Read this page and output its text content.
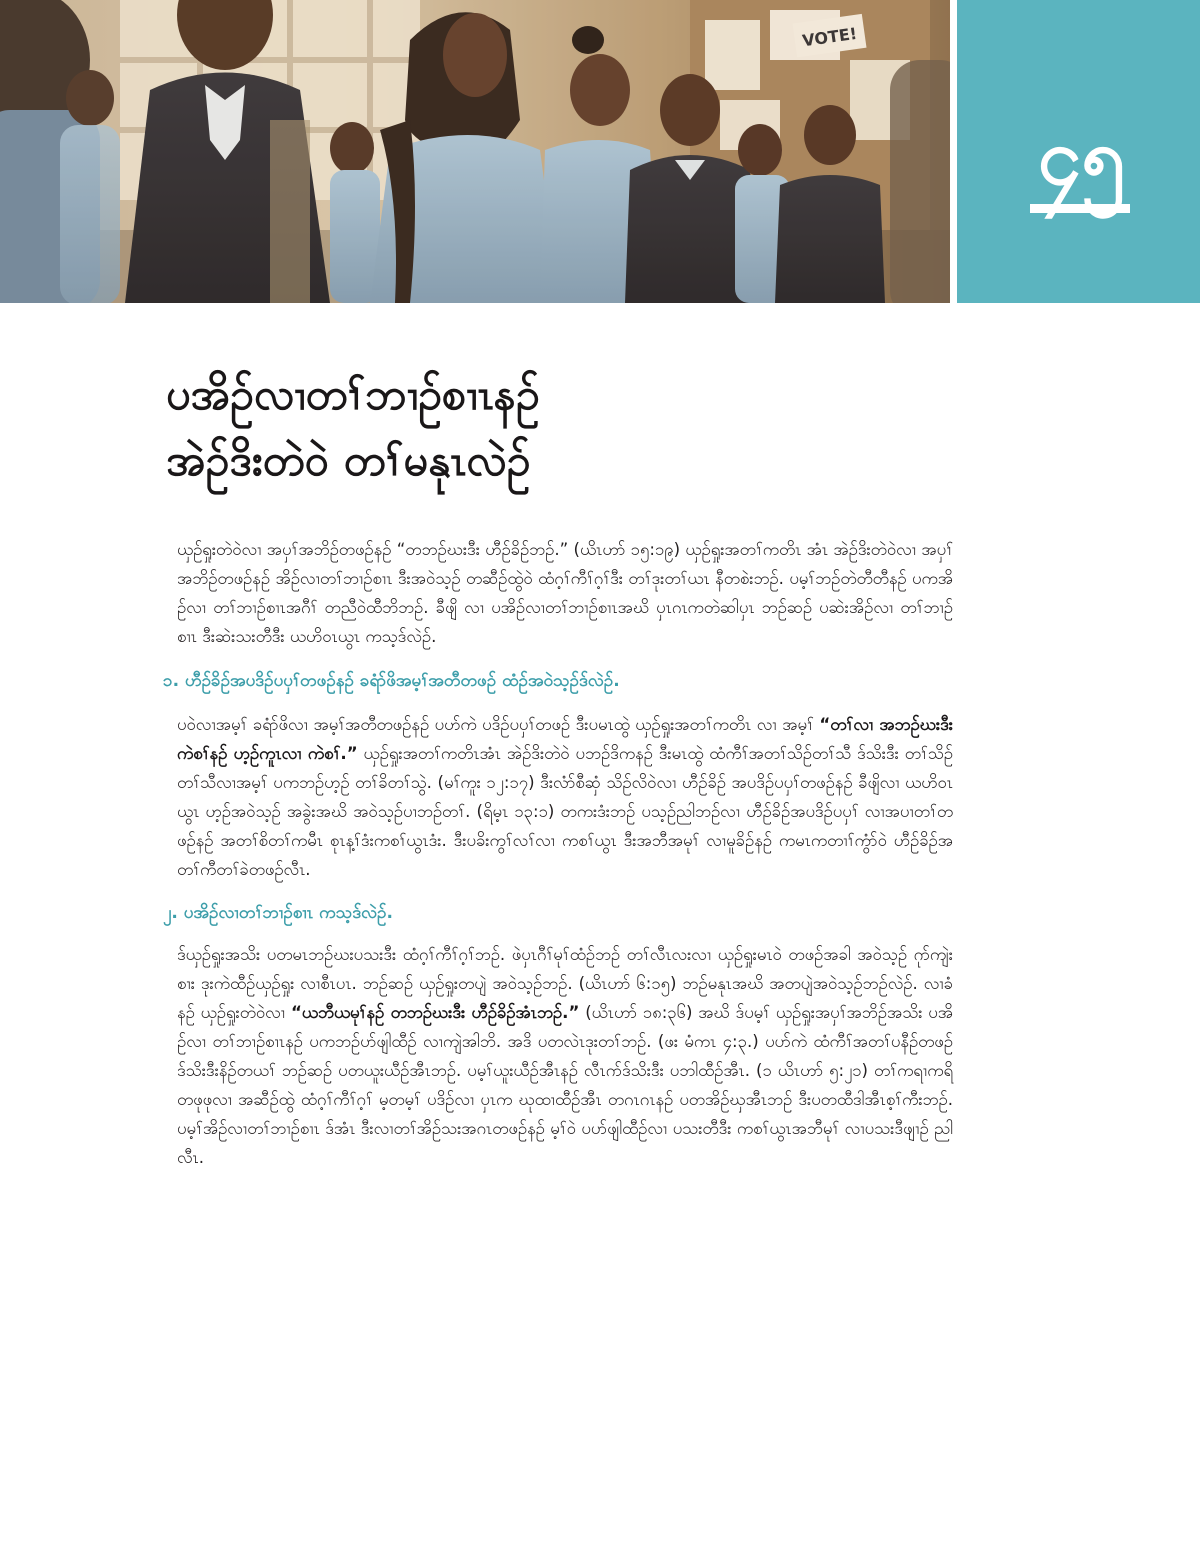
VOTE!
၄၅
ပအိဉ်လၢတၢ်ဘၢဉ်စၢၤနဉ်
အဲဉ်ဒိးတဲဝဲ တၢ်မနုၤလဲဉ်

ယှဉ်ရှုးတဲဝဲလၢ အပှၢ်အဘိဉ်တဖဉ်နဉ် “တဘဉ်ဃးဒီး ဟီဉ်ခိဉ်ဘဉ်.” (ယိၤဟာ် ၁၅:၁၉) ယှဉ်ရှုးအတၢ်ကတိၤ အံၤ အဲဉ်ဒိးတဲဝဲလၢ အပှၢ်အဘိဉ်တဖဉ်နဉ် အိဉ်လၢတၢ်ဘၢဉ်စၢၤ ဒီးအဝဲသ့ဉ် တဆီဉ်ထွဲဝဲ ထံဂ့ၢ်ကီၢ်ဂ့ၢ်ဒီး တၢ်ဒုးတၢ်ယၤ နီတစဲးဘဉ်. ပမ့ၢ်ဘဉ်တဲတီတီနဉ် ပကအိဉ်လၢ တၢ်ဘၢဉ်စၢၤအဂီၢ် တညီဝဲထီဘိဘဉ်. ခီဖျိ လၢ ပအိဉ်လၢတၢ်ဘၢဉ်စၢၤအဃိ ပှၤဂၤကတဲဆါပှၤ ဘဉ်ဆဉ် ပဆဲးအိဉ်လၢ တၢ်ဘၢဉ်စၢၤ ဒီးဆဲးသးတီဒီး ယဟိဝၤယွၤ ကသ့ဒ်လဲဉ်.

၁. ဟီဉ်ခိဉ်အပဒိဉ်ပပှၢ်တဖဉ်နဉ် ခရံာ်ဖိအမ့ၢ်အတီတဖဉ် ထံဉ်အဝဲသ့ဉ်ဒ်လဲဉ်.

ပဝဲလၢအမ့ၢ် ခရံာ်ဖိလၢ အမ့ၢ်အတီတဖဉ်နဉ် ပဟ်ကဲ ပဒိဉ်ပပှၢ်တဖဉ် ဒီးပမၤထွဲ ယှဉ်ရှုးအတၢ်ကတိၤ လၢ အမ့ၢ် “တၢ်လၢ အဘဉ်ဃးဒီး ကဲစၢ်နဉ် ဟ့ဉ်ကူၤလၢ ကဲစၢ်.” ယှဉ်ရှုးအတၢ်ကတိၤအံၤ အဲဉ်ဒိးတဲဝဲ ပဘဉ်ဒိကနဉ် ဒီးမၤထွဲ ထံကီၢ်အတၢ်သိဉ်တၢ်သီ ဒ်သိးဒီး တၢ်သိဉ်တၢ်သီလၢအမ့ၢ် ပကဘဉ်ဟ့ဉ် တၢ်ခိတၢ်သွဲ. (မၢ်ကူး ၁၂:၁၇) ဒီးလံာ်စီဆှံ သိဉ်လိဝဲလၢ ဟီဉ်ခိဉ် အပဒိဉ်ပပှၢ်တဖဉ်နဉ် ခီဖျိလၢ ယဟိဝၤယွၤ ဟ့ဉ်အဝဲသ့ဉ် အခွဲးအဃိ အဝဲသ့ဉ်ပၢဘဉ်တၢ်. (ရိမ့ၤ ၁၃:၁) တကးဒံးဘဉ် ပသ့ဉ်ညါဘဉ်လၢ ဟီဉ်ခိဉ်အပဒိဉ်ပပှၢ် လၢအပၢတၢ်တဖဉ်နဉ် အတၢ်စိတၢ်ကမီၤ စုၤန့ၢ်ဒံးကစၢ်ယွၤဒံး. ဒီးပခိးကွၢ်လၢ်လၢ ကစၢ်ယွၤ ဒီးအဘီအမုၢ် လၢမူခိဉ်နဉ် ကမၤကတၢၢ်ကွံာ်ဝဲ ဟီဉ်ခိဉ်အတၢ်ကီတၢ်ခဲတဖဉ်လီၤ.

၂. ပအိဉ်လၢတၢ်ဘၢဉ်စၢၤ ကသ့ဒ်လဲဉ်.

ဒ်ယှဉ်ရှုးအသိး ပတမၤဘဉ်ဃးပသးဒီး ထံဂ့ၢ်ကီၢ်ဂ့ၢ်ဘဉ်. ဖဲပှၤဂီၢ်မုၢ်ထံဉ်ဘဉ် တၢ်လီၤလးလၢ ယှဉ်ရှုးမၤဝဲ တဖဉ်အခါ အဝဲသ့ဉ် ဂုာ်ကျဲးစၢး ဒုးကဲထီဉ်ယှဉ်ရှုး လၢစီၤပၤ. ဘဉ်ဆဉ် ယှဉ်ရှုးတပျဲ အဝဲသ့ဉ်ဘဉ်. (ယိၤဟာ် ၆:၁၅) ဘဉ်မနုၤအဃိ အတပျဲအဝဲသ့ဉ်ဘဉ်လဲဉ်. လၢခံနဉ် ယှဉ်ရှုးတဲဝဲလၢ “ယဘီယမုၢ်နဉ် တဘဉ်ဃးဒီး ဟီဉ်ခိဉ်အံၤဘဉ်.” (ယိၤဟာ် ၁၈:၃၆) အဃိ ဒ်ပမ့ၢ် ယှဉ်ရှုးအပှၢ်အဘိဉ်အသိး ပအိဉ်လၢ တၢ်ဘၢဉ်စၢၤနဉ် ပကဘဉ်ပာ်ဖျါထီဉ် လၢကျဲအါဘိ. အဒိ ပတလဲၤဒုးတၢ်ဘဉ်. (ဖး မံကၤ ၄:၃.) ပပာ်ကဲ ထံကီၢ်အတၢ်ပနီဉ်တဖဉ် ဒ်သိးဒီးနိဉ်တယၢ် ဘဉ်ဆဉ် ပတယူးယီဉ်အီၤဘဉ်. ပမ့ၢ်ယူးယီဉ်အီၤနဉ် လီၤဂာ်ဒ်သိးဒီး ပဘါထီဉ်အီၤ. (၁ ယိၤဟာ် ၅:၂၁) တၢ်ကရၢကရိတဖုဖုလၢ အဆီဉ်ထွဲ ထံဂ့ၢ်ကီၢ်ဂ့ၢ် မ့တမ့ၢ် ပဒိဉ်လၢ ပှၤက ဃုထၢထီဉ်အီၤ တဂၤဂၤနဉ် ပတအိဉ်ဃှအီၤဘဉ် ဒီးပတထီဒါအီၤစ့ၢ်ကီးဘဉ်. ပမ့ၢ်အိဉ်လၢတၢ်ဘၢဉ်စၢၤ ဒ်အံၤ ဒီးလၢတၢ်အိဉ်သးအဂၤတဖဉ်နဉ် မ့ၢ်ဝဲ ပပာ်ဖျါထီဉ်လၢ ပသးတီဒီး ကစၢ်ယွၤအဘီမုၢ် လၢပသးဒီဖျၢဉ် ညါလီၤ.
